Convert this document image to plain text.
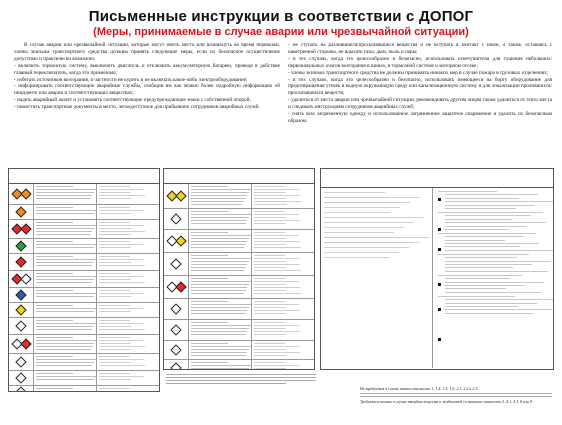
Письменные инструкции в соответствии с ДОПОГ
(Меры, принимаемые в случае аварии или чрезвычайной ситуации)

В случае аварии или чрезвычайной ситуации, которые могут иметь место или возникнуть во время перевозки, члены экипажа транспортного средства должны принять следующие меры, если их безопасное осуществление допустимо и практически возможно:

- включить тормозную систему, выключить двигатель и отключить аккумуляторную батарею, приведя в действие главный переключатель, когда это применимо;

- избегать источников возгорания, в частности не курить и не включать какое-либо электрооборудование;

- информировать соответствующие аварийные службы, сообщив им как можно более подробную информацию об инциденте или аварии и соответствующих веществах;

- надеть аварийный жилет и установить соответствующие предупреждающие знаки с собственной опорой;

- поместить транспортные документы в место, легкодоступное для прибывших сотрудников аварийных служб;

- не ступать на разлившиеся/просыпавшиеся вещества и не вступать в контакт с ними, а также, оставаясь с наветренной стороны, не вдыхать газы, дым, пыль и пары;

- в тех случаях, когда это целесообразно и безопасно, использовать огнетушители для тушения небольших/первоначальных очагов возгорания в шинах, в тормозной системе и моторном отсеке;

- члены экипажа транспортного средства не должны принимать никаких мер в случае пожара в грузовых отделениях;

- в тех случаях, когда это целесообразно и безопасно, использовать имеющееся на борту оборудование для предотвращения утечек в водную окружающую среду или канализационную систему и для локализации пролившихся/просыпавшихся веществ;

- удалиться от места аварии или чрезвычайной ситуации, рекомендовать другим лицам также удалиться от этого места и следовать инструкциям сотрудников аварийных служб;

- снять всю загрязненную одежду и использованное загрязненное защитное снаряжение и удалить их безопасным образом.

Не требуется в случае знаков опасности 1, 1.4, 1.5, 1.6, 2.1, 2.2 и 2.3.
Требуются только в случае твердых веществ и жидкостей со знаками опасности 3, 4.1, 4.3, 8 или 9.
